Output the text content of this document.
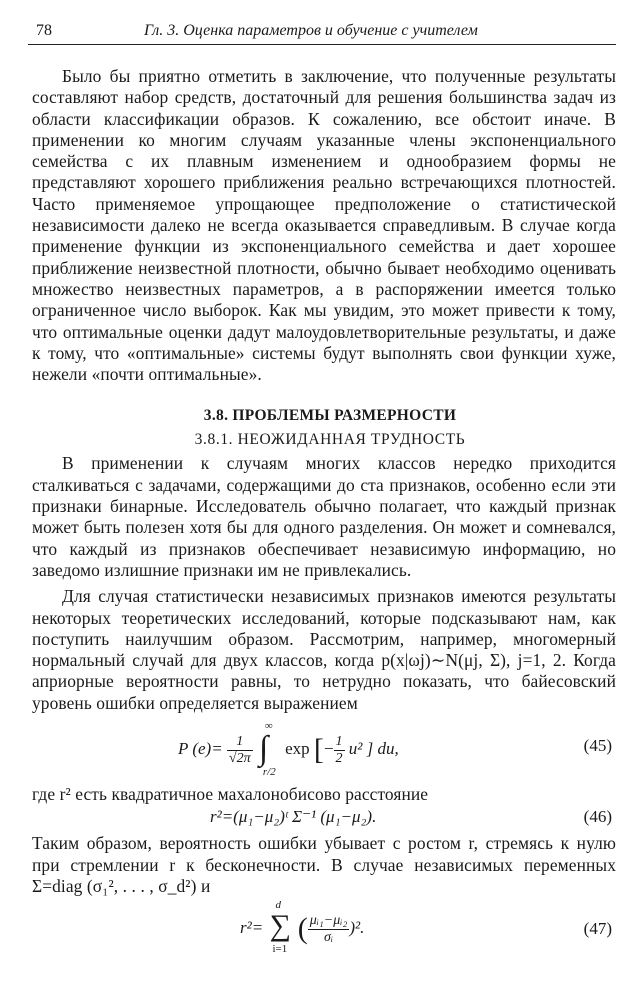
78	Гл. 3. Оценка параметров и обучение с учителем

Было бы приятно отметить в заключение, что полученные результаты составляют набор средств, достаточный для решения большинства задач из области классификации образов. К сожалению, все обстоит иначе. В применении ко многим случаям указанные члены экспоненциального семейства с их плавным изменением и однообразием формы не представляют хорошего приближения реально встречающихся плотностей. Часто применяемое упрощающее предположение о статистической независимости далеко не всегда оказывается справедливым. В случае когда применение функции из экспоненциального семейства и дает хорошее приближение неизвестной плотности, обычно бывает необходимо оценивать множество неизвестных параметров, а в распоряжении имеется только ограниченное число выборок. Как мы увидим, это может привести к тому, что оптимальные оценки дадут малоудовлетворительные результаты, и даже к тому, что «оптимальные» системы будут выполнять свои функции хуже, нежели «почти оптимальные».

3.8. ПРОБЛЕМЫ РАЗМЕРНОСТИ
3.8.1. НЕОЖИДАННАЯ ТРУДНОСТЬ

В применении к случаям многих классов нередко приходится сталкиваться с задачами, содержащими до ста признаков, особенно если эти признаки бинарные. Исследователь обычно полагает, что каждый признак может быть полезен хотя бы для одного разделения. Он может и сомневался, что каждый из признаков обеспечивает независимую информацию, но заведомо излишние признаки им не привлекались.

Для случая статистически независимых признаков имеются результаты некоторых теоретических исследований, которые подсказывают нам, как поступить наилучшим образом. Рассмотрим, например, многомерный нормальный случай для двух классов, когда p(x|ωj)∼N(μj, Σ), j=1, 2. Когда априорные вероятности равны, то нетрудно показать, что байесовский уровень ошибки определяется выражением

P $(e)= \frac{1}{√2\pi}$

∞
∫
r/2
exp [− $\frac{1}{2} u^2$ ] du,	(45)

где r² есть квадратичное махалонобисово расстояние

r²=(μ₁−μ₂)ᵗ Σ⁻¹ (μ₁−μ₂).	(46)

Таким образом, вероятность ошибки убывает с ростом r, стремясь к нулю при стремлении r к бесконечности. В случае независимых переменных Σ=diag (σ₁², . . . , σ_d²) и

r²=
d
∑
i=1
( $\frac{\text{μᵢ₁−μᵢ₂}}{\text{σᵢ}} )^2$.	(47)
